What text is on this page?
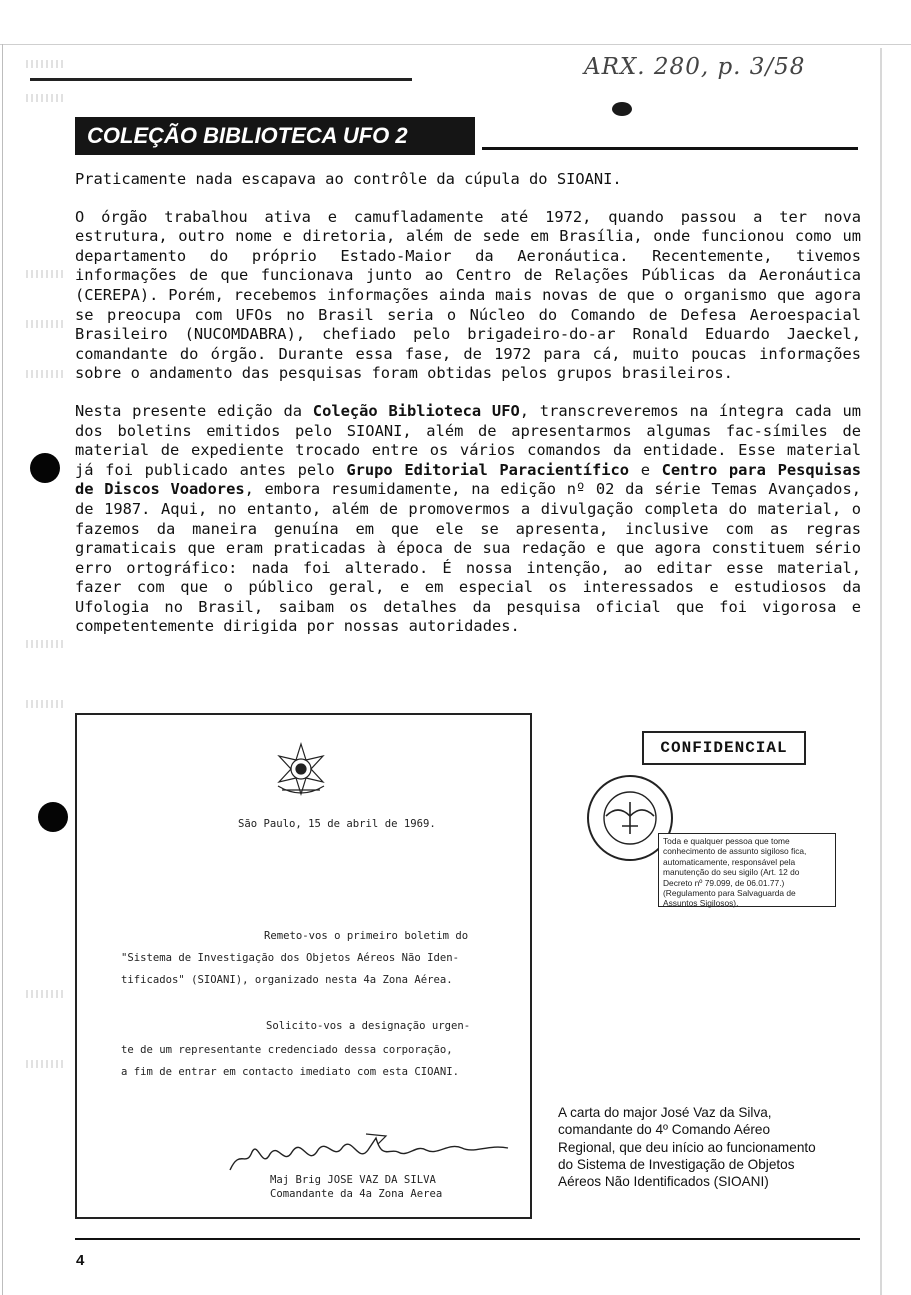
ARX. 280, p. 3/58
COLEÇÃO BIBLIOTECA UFO 2

Praticamente nada escapava ao contrôle da cúpula do SIOANI.

O órgão trabalhou ativa e camufladamente até 1972, quando passou a ter nova estrutura, outro nome e diretoria, além de sede em Brasília, onde funcionou como um departamento do próprio Estado-Maior da Aeronáutica. Recentemente, tivemos informações de que funcionava junto ao Centro de Relações Públicas da Aeronáutica (CEREPA). Porém, recebemos informações ainda mais novas de que o organismo que agora se preocupa com UFOs no Brasil seria o Núcleo do Comando de Defesa Aeroespacial Brasileiro (NUCOMDABRA), chefiado pelo brigadeiro-do-ar Ronald Eduardo Jaeckel, comandante do órgão. Durante essa fase, de 1972 para cá, muito poucas informações sobre o andamento das pesquisas foram obtidas pelos grupos brasileiros.

Nesta presente edição da Coleção Biblioteca UFO, transcreveremos na íntegra cada um dos boletins emitidos pelo SIOANI, além de apresentarmos algumas fac-símiles de material de expediente trocado entre os vários comandos da entidade. Esse material já foi publicado antes pelo Grupo Editorial Paracientífico e Centro para Pesquisas de Discos Voadores, embora resumidamente, na edição nº 02 da série Temas Avançados, de 1987. Aqui, no entanto, além de promovermos a divulgação completa do material, o fazemos da maneira genuína em que ele se apresenta, inclusive com as regras gramaticais que eram praticadas à época de sua redação e que agora constituem sério erro ortográfico: nada foi alterado. É nossa intenção, ao editar esse material, fazer com que o público geral, e em especial os interessados e estudiosos da Ufologia no Brasil, saibam os detalhes da pesquisa oficial que foi vigorosa e competentemente dirigida por nossas autoridades.

São Paulo, 15 de abril de 1969.
Remeto-vos o primeiro boletim do
"Sistema de Investigação dos Objetos Aéreos Não Iden-
tificados" (SIOANI), organizado nesta 4a Zona Aérea.
Solicito-vos a designação urgen-
te de um representante credenciado dessa corporação,
a fim de entrar em contacto imediato com esta CIOANI.
Maj Brig JOSE VAZ DA SILVA
Comandante da 4a Zona Aerea
CONFIDENCIAL
Toda e qualquer pessoa que tome conhecimento de assunto sigiloso fica, automaticamente, responsável pela manutenção do seu sigilo (Art. 12 do Decreto nº 79.099, de 06.01.77.) (Regulamento para Salvaguarda de Assuntos Sigilosos).
A carta do major José Vaz da Silva, comandante do 4º Comando Aéreo Regional, que deu início ao funcionamento do Sistema de Investigação de Objetos Aéreos Não Identificados (SIOANI)
4
